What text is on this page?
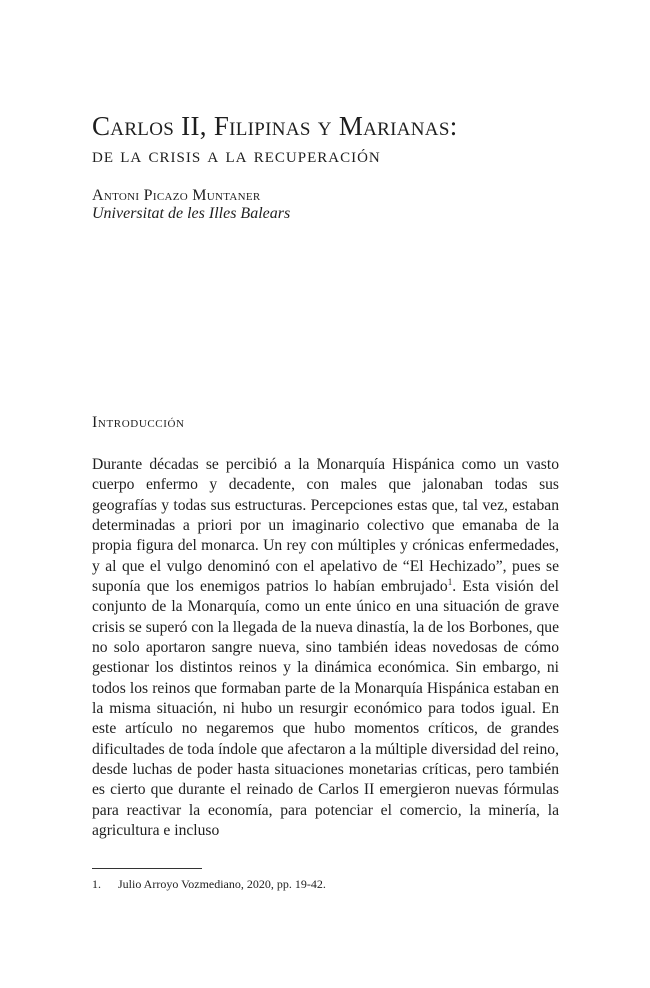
Carlos II, Filipinas y Marianas:
de la crisis a la recuperación
Antoni Picazo Muntaner
Universitat de les Illes Balears
Introducción

Durante décadas se percibió a la Monarquía Hispánica como un vasto cuerpo enfermo y decadente, con males que jalonaban todas sus geografías y todas sus estructuras. Percepciones estas que, tal vez, estaban determinadas a priori por un imaginario colectivo que emanaba de la propia figura del monarca. Un rey con múltiples y crónicas enfermedades, y al que el vulgo denominó con el apelativo de “El Hechizado”, pues se suponía que los enemigos patrios lo habían embrujado$^1$. Esta visión del conjunto de la Monarquía, como un ente único en una situación de grave crisis se superó con la llegada de la nueva dinastía, la de los Borbones, que no solo aportaron sangre nueva, sino también ideas novedosas de cómo gestionar los distintos reinos y la dinámica económica. Sin embargo, ni todos los reinos que formaban parte de la Monarquía Hispánica estaban en la misma situación, ni hubo un resurgir económico para todos igual. En este artículo no negaremos que hubo momentos críticos, de grandes dificultades de toda índole que afectaron a la múltiple diversidad del reino, desde luchas de poder hasta situaciones monetarias críticas, pero también es cierto que durante el reinado de Carlos II emergieron nuevas fórmulas para reactivar la economía, para potenciar el comercio, la minería, la agricultura e incluso

1. Julio Arroyo Vozmediano, 2020, pp. 19-42.
